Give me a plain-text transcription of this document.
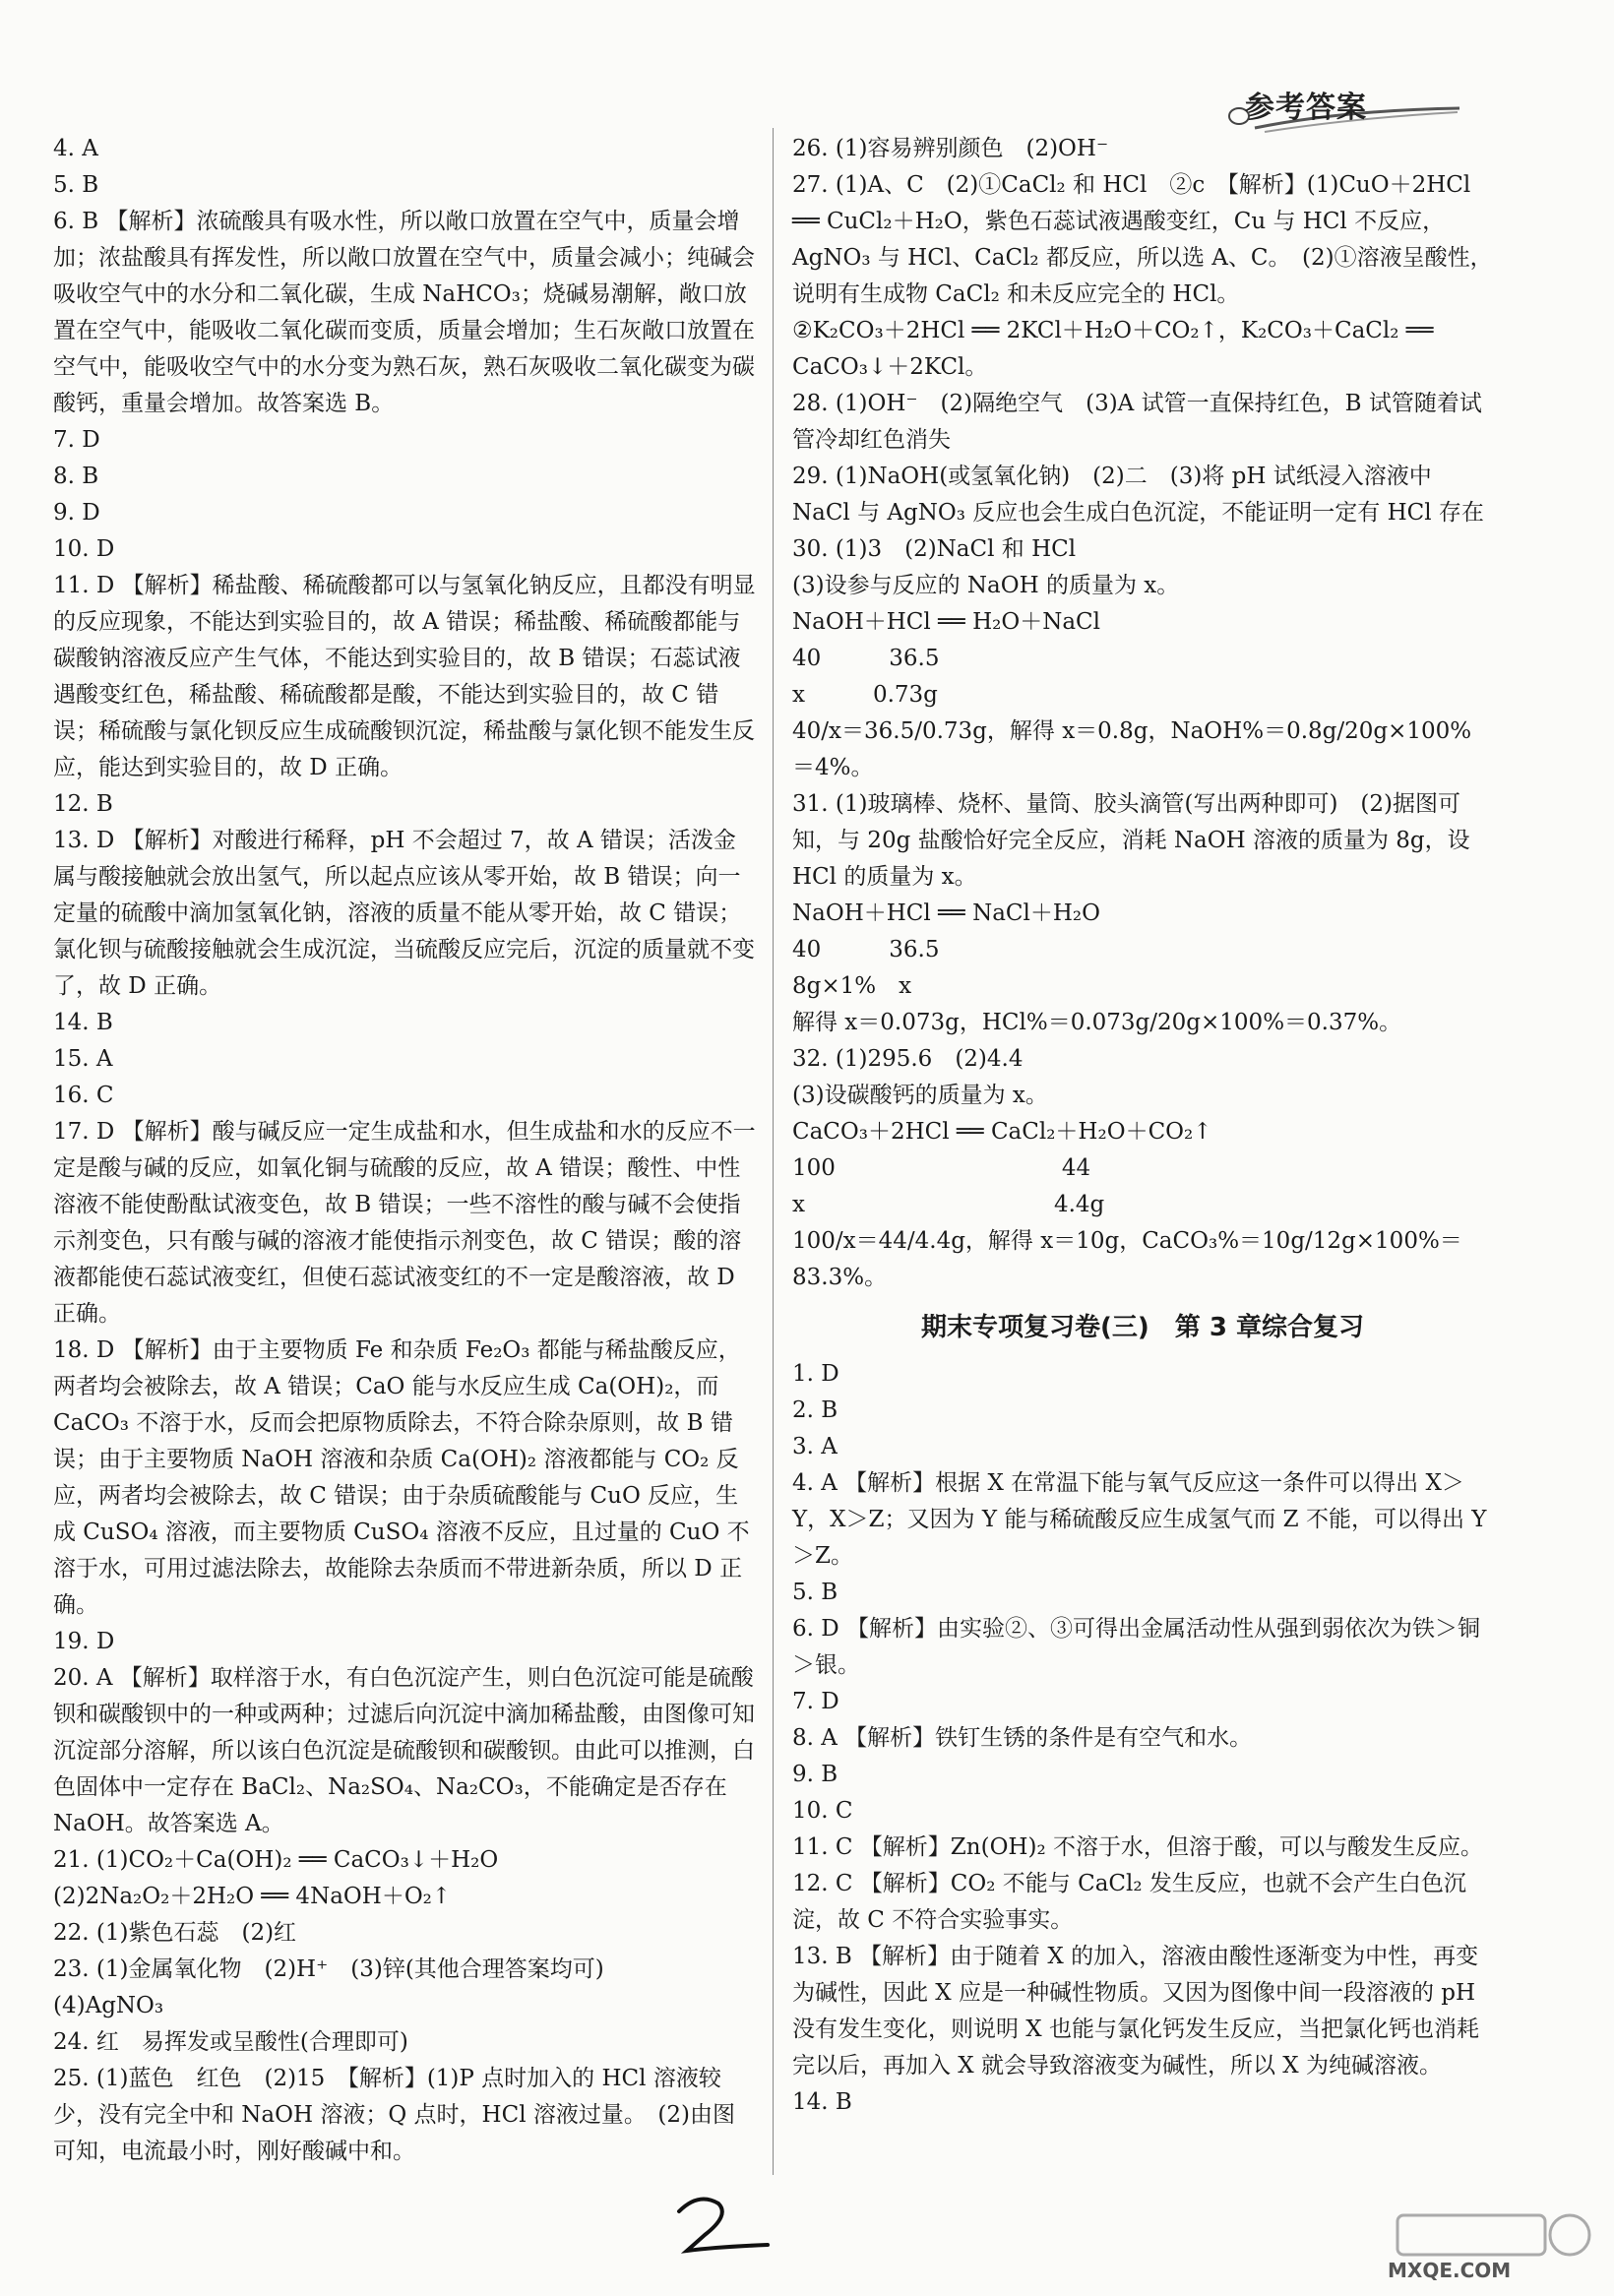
参考答案

4. A

5. B

6. B 【解析】浓硫酸具有吸水性，所以敞口放置在空气中，质量会增加；浓盐酸具有挥发性，所以敞口放置在空气中，质量会减小；纯碱会吸收空气中的水分和二氧化碳，生成 NaHCO₃；烧碱易潮解，敞口放置在空气中，能吸收二氧化碳而变质，质量会增加；生石灰敞口放置在空气中，能吸收空气中的水分变为熟石灰，熟石灰吸收二氧化碳变为碳酸钙，重量会增加。故答案选 B。

7. D

8. B

9. D

10. D

11. D 【解析】稀盐酸、稀硫酸都可以与氢氧化钠反应，且都没有明显的反应现象，不能达到实验目的，故 A 错误；稀盐酸、稀硫酸都能与碳酸钠溶液反应产生气体，不能达到实验目的，故 B 错误；石蕊试液遇酸变红色，稀盐酸、稀硫酸都是酸，不能达到实验目的，故 C 错误；稀硫酸与氯化钡反应生成硫酸钡沉淀，稀盐酸与氯化钡不能发生反应，能达到实验目的，故 D 正确。

12. B

13. D 【解析】对酸进行稀释，pH 不会超过 7，故 A 错误；活泼金属与酸接触就会放出氢气，所以起点应该从零开始，故 B 错误；向一定量的硫酸中滴加氢氧化钠，溶液的质量不能从零开始，故 C 错误；氯化钡与硫酸接触就会生成沉淀，当硫酸反应完后，沉淀的质量就不变了，故 D 正确。

14. B

15. A

16. C

17. D 【解析】酸与碱反应一定生成盐和水，但生成盐和水的反应不一定是酸与碱的反应，如氧化铜与硫酸的反应，故 A 错误；酸性、中性溶液不能使酚酞试液变色，故 B 错误；一些不溶性的酸与碱不会使指示剂变色，只有酸与碱的溶液才能使指示剂变色，故 C 错误；酸的溶液都能使石蕊试液变红，但使石蕊试液变红的不一定是酸溶液，故 D 正确。

18. D 【解析】由于主要物质 Fe 和杂质 Fe₂O₃ 都能与稀盐酸反应，两者均会被除去，故 A 错误；CaO 能与水反应生成 Ca(OH)₂，而 CaCO₃ 不溶于水，反而会把原物质除去，不符合除杂原则，故 B 错误；由于主要物质 NaOH 溶液和杂质 Ca(OH)₂ 溶液都能与 CO₂ 反应，两者均会被除去，故 C 错误；由于杂质硫酸能与 CuO 反应，生成 CuSO₄ 溶液，而主要物质 CuSO₄ 溶液不反应，且过量的 CuO 不溶于水，可用过滤法除去，故能除去杂质而不带进新杂质，所以 D 正确。

19. D

20. A 【解析】取样溶于水，有白色沉淀产生，则白色沉淀可能是硫酸钡和碳酸钡中的一种或两种；过滤后向沉淀中滴加稀盐酸，由图像可知沉淀部分溶解，所以该白色沉淀是硫酸钡和碳酸钡。由此可以推测，白色固体中一定存在 BaCl₂、Na₂SO₄、Na₂CO₃，不能确定是否存在 NaOH。故答案选 A。

21. (1)CO₂＋Ca(OH)₂ ══ CaCO₃↓＋H₂O

(2)2Na₂O₂＋2H₂O ══ 4NaOH＋O₂↑

22. (1)紫色石蕊　(2)红

23. (1)金属氧化物　(2)H⁺　(3)锌(其他合理答案均可)

(4)AgNO₃

24. 红　易挥发或呈酸性(合理即可)

25. (1)蓝色　红色　(2)15　【解析】(1)P 点时加入的 HCl 溶液较少，没有完全中和 NaOH 溶液；Q 点时，HCl 溶液过量。　(2)由图可知，电流最小时，刚好酸碱中和。

26. (1)容易辨别颜色　(2)OH⁻

27. (1)A、C　(2)①CaCl₂ 和 HCl　②c　【解析】(1)CuO＋2HCl ══ CuCl₂＋H₂O，紫色石蕊试液遇酸变红，Cu 与 HCl 不反应，AgNO₃ 与 HCl、CaCl₂ 都反应，所以选 A、C。　(2)①溶液呈酸性，说明有生成物 CaCl₂ 和未反应完全的 HCl。

②K₂CO₃＋2HCl ══ 2KCl＋H₂O＋CO₂↑，K₂CO₃＋CaCl₂ ══ CaCO₃↓＋2KCl。

28. (1)OH⁻　(2)隔绝空气　(3)A 试管一直保持红色，B 试管随着试管冷却红色消失

29. (1)NaOH(或氢氧化钠)　(2)二　(3)将 pH 试纸浸入溶液中　NaCl 与 AgNO₃ 反应也会生成白色沉淀，不能证明一定有 HCl 存在

30. (1)3　(2)NaCl 和 HCl

(3)设参与反应的 NaOH 的质量为 x。

NaOH＋HCl ══ H₂O＋NaCl

40　　　36.5

x　　　0.73g

40/x＝36.5/0.73g，解得 x＝0.8g，NaOH%＝0.8g/20g×100%＝4%。

31. (1)玻璃棒、烧杯、量筒、胶头滴管(写出两种即可)　(2)据图可知，与 20g 盐酸恰好完全反应，消耗 NaOH 溶液的质量为 8g，设 HCl 的质量为 x。

NaOH＋HCl ══ NaCl＋H₂O

40　　　36.5

8g×1%　x

解得 x＝0.073g，HCl%＝0.073g/20g×100%＝0.37%。

32. (1)295.6　(2)4.4

(3)设碳酸钙的质量为 x。

CaCO₃＋2HCl ══ CaCl₂＋H₂O＋CO₂↑

100　　　　　　　　　　44

x　　　　　　　　　　　4.4g

100/x＝44/4.4g，解得 x＝10g，CaCO₃%＝10g/12g×100%＝83.3%。

期末专项复习卷(三)　第 3 章综合复习

1. D

2. B

3. A

4. A 【解析】根据 X 在常温下能与氧气反应这一条件可以得出 X＞Y，X＞Z；又因为 Y 能与稀硫酸反应生成氢气而 Z 不能，可以得出 Y＞Z。

5. B

6. D 【解析】由实验②、③可得出金属活动性从强到弱依次为铁＞铜＞银。

7. D

8. A 【解析】铁钉生锈的条件是有空气和水。

9. B

10. C

11. C 【解析】Zn(OH)₂ 不溶于水，但溶于酸，可以与酸发生反应。

12. C 【解析】CO₂ 不能与 CaCl₂ 发生反应，也就不会产生白色沉淀，故 C 不符合实验事实。

13. B 【解析】由于随着 X 的加入，溶液由酸性逐渐变为中性，再变为碱性，因此 X 应是一种碱性物质。又因为图像中间一段溶液的 pH 没有发生变化，则说明 X 也能与氯化钙发生反应，当把氯化钙也消耗完以后，再加入 X 就会导致溶液变为碱性，所以 X 为纯碱溶液。

14. B

MXQE.COM
